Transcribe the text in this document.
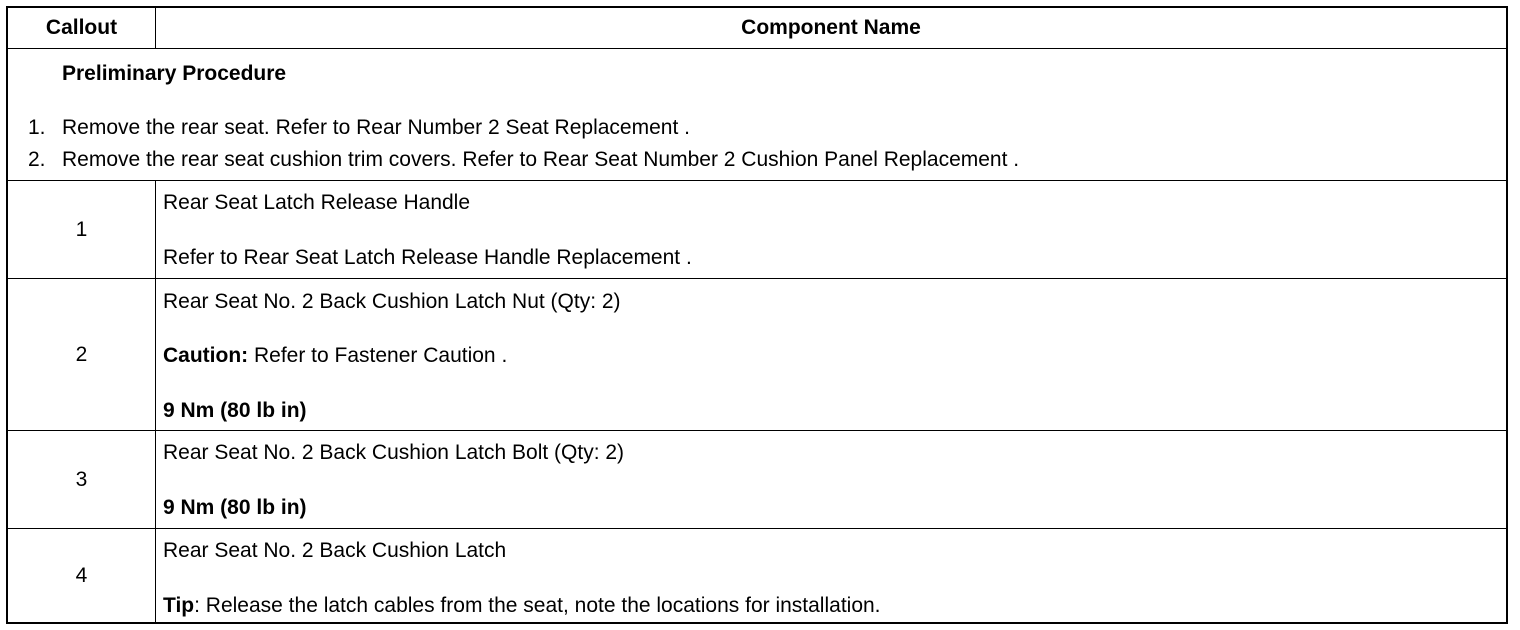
Callout	Component Name
Preliminary Procedure
1. Remove the rear seat. Refer to Rear Number 2 Seat Replacement .
2. Remove the rear seat cushion trim covers. Refer to Rear Seat Number 2 Cushion Panel Replacement .
1
Rear Seat Latch Release Handle
Refer to Rear Seat Latch Release Handle Replacement .
2
Rear Seat No. 2 Back Cushion Latch Nut (Qty: 2)
Caution: Refer to Fastener Caution .
9 Nm (80 lb in)
3
Rear Seat No. 2 Back Cushion Latch Bolt (Qty: 2)
9 Nm (80 lb in)
4
Rear Seat No. 2 Back Cushion Latch
Tip: Release the latch cables from the seat, note the locations for installation.
